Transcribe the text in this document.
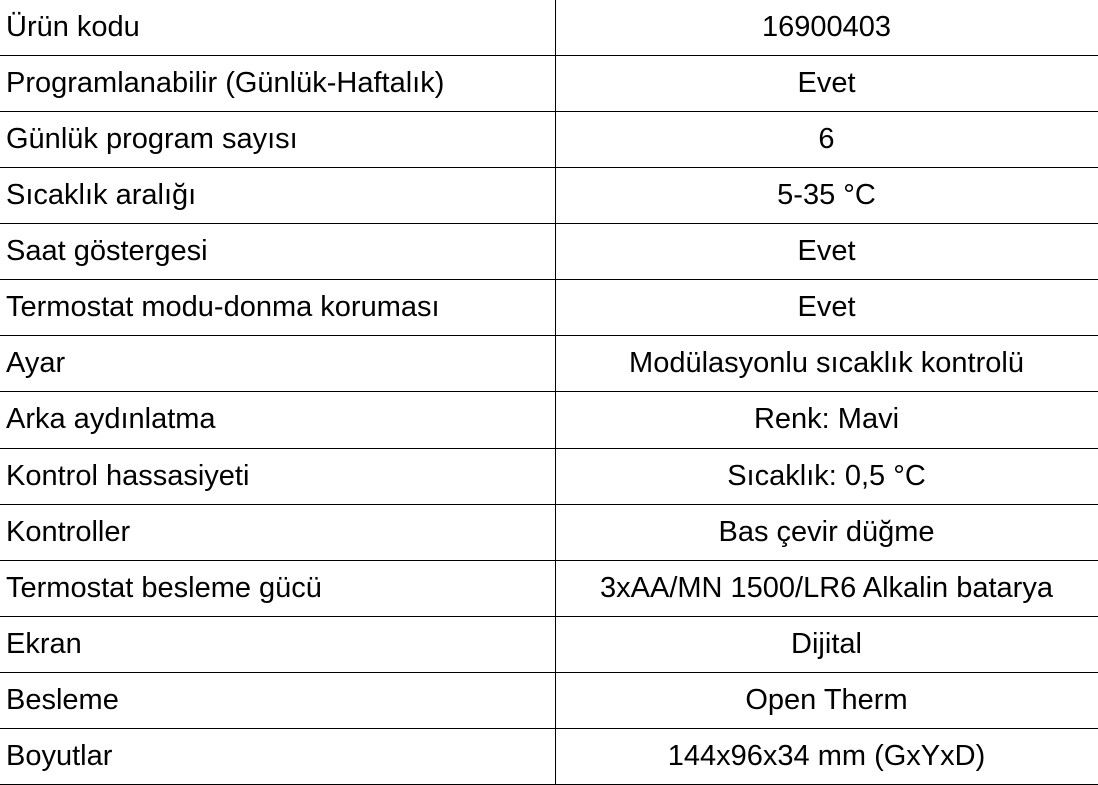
Ürün kodu	16900403
Programlanabilir (Günlük-Haftalık)	Evet
Günlük program sayısı	6
Sıcaklık aralığı	5-35 °C
Saat göstergesi	Evet
Termostat modu-donma koruması	Evet
Ayar	Modülasyonlu sıcaklık kontrolü
Arka aydınlatma	Renk: Mavi
Kontrol hassasiyeti	Sıcaklık: 0,5 °C
Kontroller	Bas çevir düğme
Termostat besleme gücü	3xAA/MN 1500/LR6 Alkalin batarya
Ekran	Dijital
Besleme	Open Therm
Boyutlar	144x96x34 mm (GxYxD)
